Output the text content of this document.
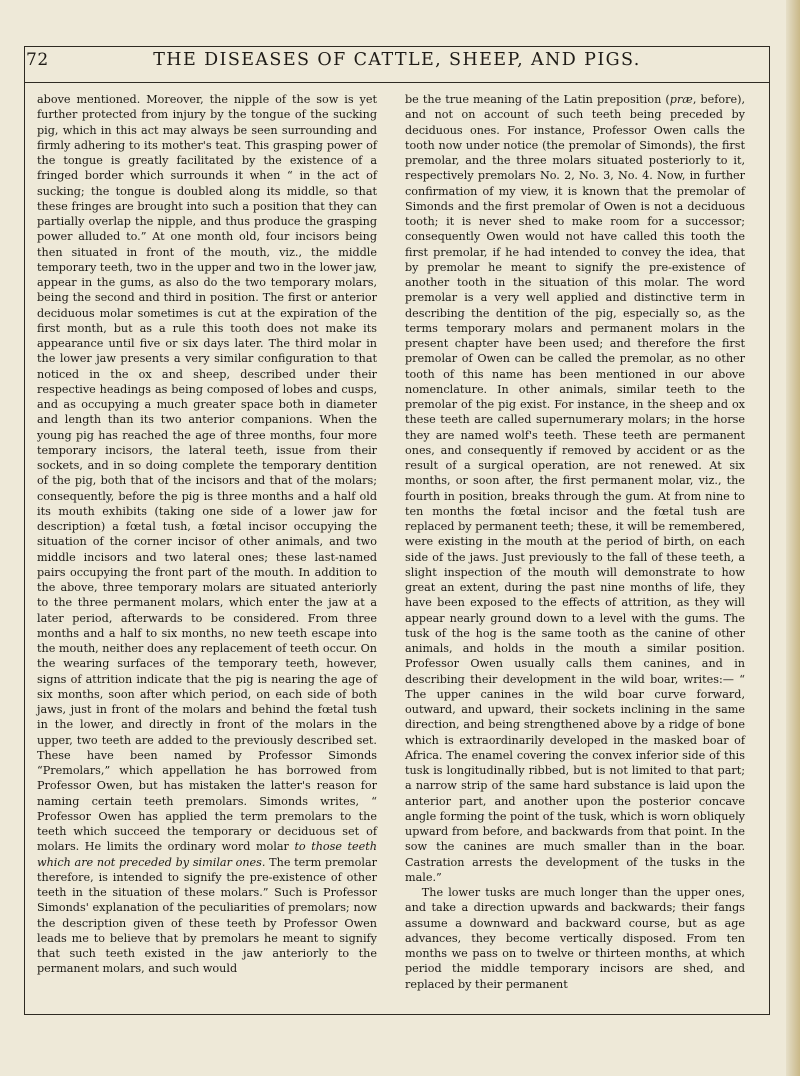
72	THE DISEASES OF CATTLE, SHEEP, AND PIGS.

above mentioned. Moreover, the nipple of the sow is yet further protected from injury by the tongue of the sucking pig, which in this act may always be seen surrounding and firmly adhering to its mother's teat. This grasping power of the tongue is greatly facilitated by the existence of a fringed border which surrounds it when “ in the act of sucking; the tongue is doubled along its middle, so that these fringes are brought into such a position that they can partially overlap the nipple, and thus produce the grasping power alluded to.” At one month old, four incisors being then situated in front of the mouth, viz., the middle temporary teeth, two in the upper and two in the lower jaw, appear in the gums, as also do the two temporary molars, being the second and third in position. The first or anterior deciduous molar sometimes is cut at the expiration of the first month, but as a rule this tooth does not make its appearance until five or six days later. The third molar in the lower jaw presents a very similar configuration to that noticed in the ox and sheep, described under their respective headings as being composed of lobes and cusps, and as occupying a much greater space both in diameter and length than its two anterior companions. When the young pig has reached the age of three months, four more temporary incisors, the lateral teeth, issue from their sockets, and in so doing complete the temporary dentition of the pig, both that of the incisors and that of the molars; consequently, before the pig is three months and a half old its mouth exhibits (taking one side of a lower jaw for description) a fœtal tush, a fœtal incisor occupying the situation of the corner incisor of other animals, and two middle incisors and two lateral ones; these last-named pairs occupying the front part of the mouth. In addition to the above, three temporary molars are situated anteriorly to the three permanent molars, which enter the jaw at a later period, afterwards to be considered. From three months and a half to six months, no new teeth escape into the mouth, neither does any replacement of teeth occur. On the wearing surfaces of the temporary teeth, however, signs of attrition indicate that the pig is nearing the age of six months, soon after which period, on each side of both jaws, just in front of the molars and behind the fœtal tush in the lower, and directly in front of the molars in the upper, two teeth are added to the previously described set. These have been named by Professor Simonds “Premolars,” which appellation he has borrowed from Professor Owen, but has mistaken the latter's reason for naming certain teeth premolars. Simonds writes, “ Professor Owen has applied the term premolars to the teeth which succeed the temporary or deciduous set of molars. He limits the ordinary word molar to those teeth which are not preceded by similar ones. The term premolar therefore, is intended to signify the pre-existence of other teeth in the situation of these molars.” Such is Professor Simonds' explanation of the peculiarities of premolars; now the description given of these teeth by Professor Owen leads me to believe that by premolars he meant to signify that such teeth existed in the jaw anteriorly to the permanent molars, and such would

be the true meaning of the Latin preposition (præ, before), and not on account of such teeth being preceded by deciduous ones. For instance, Professor Owen calls the tooth now under notice (the premolar of Simonds), the first premolar, and the three molars situated posteriorly to it, respectively premolars No. 2, No. 3, No. 4. Now, in further confirmation of my view, it is known that the premolar of Simonds and the first premolar of Owen is not a deciduous tooth; it is never shed to make room for a successor; consequently Owen would not have called this tooth the first premolar, if he had intended to convey the idea, that by premolar he meant to signify the pre-existence of another tooth in the situation of this molar. The word premolar is a very well applied and distinctive term in describing the dentition of the pig, especially so, as the terms temporary molars and permanent molars in the present chapter have been used; and therefore the first premolar of Owen can be called the premolar, as no other tooth of this name has been mentioned in our above nomenclature. In other animals, similar teeth to the premolar of the pig exist. For instance, in the sheep and ox these teeth are called supernumerary molars; in the horse they are named wolf's teeth. These teeth are permanent ones, and consequently if removed by accident or as the result of a surgical operation, are not renewed. At six months, or soon after, the first permanent molar, viz., the fourth in position, breaks through the gum. At from nine to ten months the fœtal incisor and the fœtal tush are replaced by permanent teeth; these, it will be remembered, were existing in the mouth at the period of birth, on each side of the jaws. Just previously to the fall of these teeth, a slight inspection of the mouth will demonstrate to how great an extent, during the past nine months of life, they have been exposed to the effects of attrition, as they will appear nearly ground down to a level with the gums. The tusk of the hog is the same tooth as the canine of other animals, and holds in the mouth a similar position. Professor Owen usually calls them canines, and in describing their development in the wild boar, writes:— “ The upper canines in the wild boar curve forward, outward, and upward, their sockets inclining in the same direction, and being strengthened above by a ridge of bone which is extraordinarily developed in the masked boar of Africa. The enamel covering the convex inferior side of this tusk is longitudinally ribbed, but is not limited to that part; a narrow strip of the same hard substance is laid upon the anterior part, and another upon the posterior concave angle forming the point of the tusk, which is worn obliquely upward from before, and backwards from that point. In the sow the canines are much smaller than in the boar. Castration arrests the development of the tusks in the male.”

The lower tusks are much longer than the upper ones, and take a direction upwards and backwards; their fangs assume a downward and backward course, but as age advances, they become vertically disposed. From ten months we pass on to twelve or thirteen months, at which period the middle temporary incisors are shed, and replaced by their permanent
